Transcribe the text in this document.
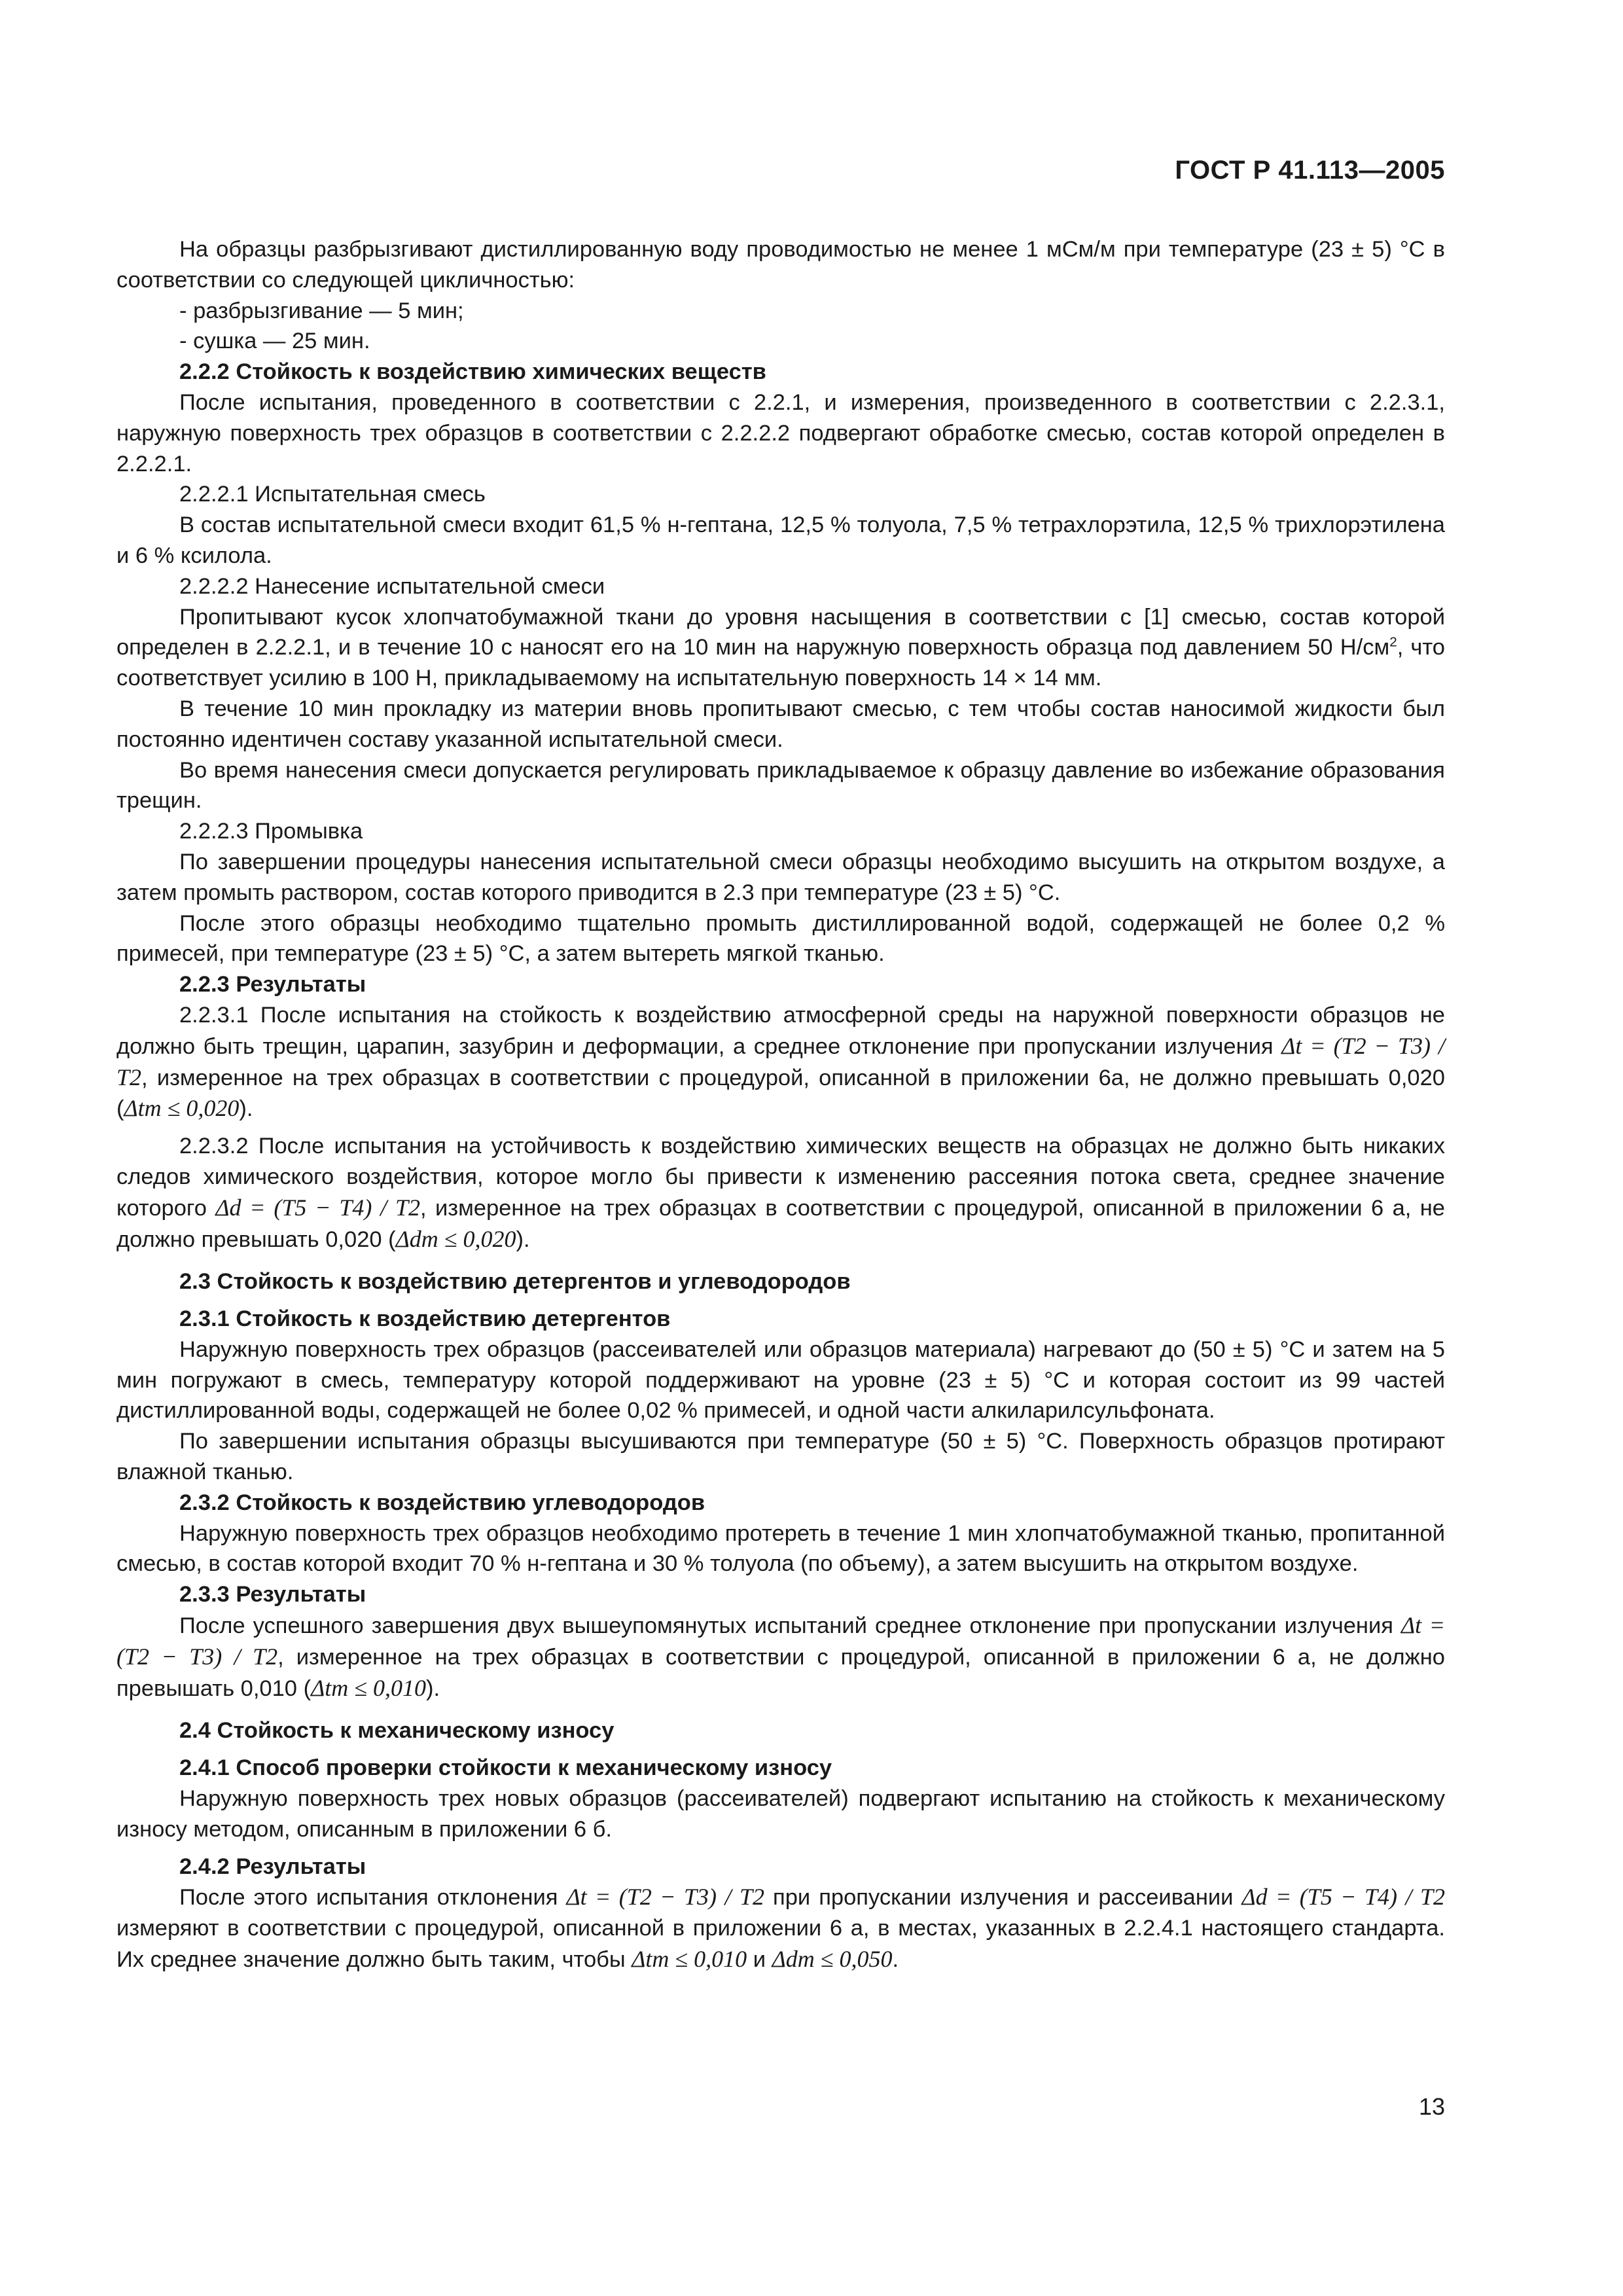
ГОСТ Р 41.113—2005

На образцы разбрызгивают дистиллированную воду проводимостью не менее 1 мСм/м при температуре (23 ± 5) °С в соответствии со следующей цикличностью:

- разбрызгивание — 5 мин;

- сушка — 25 мин.

2.2.2 Стойкость к воздействию химических веществ

После испытания, проведенного в соответствии с 2.2.1, и измерения, произведенного в соответствии с 2.2.3.1, наружную поверхность трех образцов в соответствии с 2.2.2.2 подвергают обработке смесью, состав которой определен в 2.2.2.1.

2.2.2.1 Испытательная смесь

В состав испытательной смеси входит 61,5 % н-гептана, 12,5 % толуола, 7,5 % тетрахлорэтила, 12,5 % трихлорэтилена и 6 % ксилола.

2.2.2.2 Нанесение испытательной смеси

Пропитывают кусок хлопчатобумажной ткани до уровня насыщения в соответствии с [1] смесью, состав которой определен в 2.2.2.1, и в течение 10 с наносят его на 10 мин на наружную поверхность образца под давлением 50 $Н/см^2$, что соответствует усилию в 100 Н, прикладываемому на испытательную поверхность 14 × 14 мм.

В течение 10 мин прокладку из материи вновь пропитывают смесью, с тем чтобы состав наносимой жидкости был постоянно идентичен составу указанной испытательной смеси.

Во время нанесения смеси допускается регулировать прикладываемое к образцу давление во избежание образования трещин.

2.2.2.3 Промывка

По завершении процедуры нанесения испытательной смеси образцы необходимо высушить на открытом воздухе, а затем промыть раствором, состав которого приводится в 2.3 при температуре (23 ± 5) °С.

После этого образцы необходимо тщательно промыть дистиллированной водой, содержащей не более 0,2 % примесей, при температуре (23 ± 5) °С, а затем вытереть мягкой тканью.

2.2.3 Результаты

2.2.3.1 После испытания на стойкость к воздействию атмосферной среды на наружной поверхности образцов не должно быть трещин, царапин, зазубрин и деформации, а среднее отклонение при пропускании излучения Δt = (T2 − T3) / T2, измеренное на трех образцах в соответствии с процедурой, описанной в приложении 6а, не должно превышать 0,020 (Δtm ≤ 0,020).

2.2.3.2 После испытания на устойчивость к воздействию химических веществ на образцах не должно быть никаких следов химического воздействия, которое могло бы привести к изменению рассеяния потока света, среднее значение которого Δd = (T5 − T4) / T2, измеренное на трех образцах в соответствии с процедурой, описанной в приложении 6 а, не должно превышать 0,020 (Δdm ≤ 0,020).

2.3 Стойкость к воздействию детергентов и углеводородов
2.3.1 Стойкость к воздействию детергентов

Наружную поверхность трех образцов (рассеивателей или образцов материала) нагревают до (50 ± 5) °С и затем на 5 мин погружают в смесь, температуру которой поддерживают на уровне (23 ± 5) °С и которая состоит из 99 частей дистиллированной воды, содержащей не более 0,02 % примесей, и одной части алкиларилсульфоната.

По завершении испытания образцы высушиваются при температуре (50 ± 5) °С. Поверхность образцов протирают влажной тканью.

2.3.2 Стойкость к воздействию углеводородов

Наружную поверхность трех образцов необходимо протереть в течение 1 мин хлопчатобумажной тканью, пропитанной смесью, в состав которой входит 70 % н-гептана и 30 % толуола (по объему), а затем высушить на открытом воздухе.

2.3.3 Результаты

После успешного завершения двух вышеупомянутых испытаний среднее отклонение при пропускании излучения Δt = (T2 − T3) / T2, измеренное на трех образцах в соответствии с процедурой, описанной в приложении 6 а, не должно превышать 0,010 (Δtm ≤ 0,010).

2.4 Стойкость к механическому износу
2.4.1 Способ проверки стойкости к механическому износу

Наружную поверхность трех новых образцов (рассеивателей) подвергают испытанию на стойкость к механическому износу методом, описанным в приложении 6 б.

2.4.2 Результаты

После этого испытания отклонения Δt = (T2 − T3) / T2 при пропускании излучения и рассеивании Δd = (T5 − T4) / T2 измеряют в соответствии с процедурой, описанной в приложении 6 а, в местах, указанных в 2.2.4.1 настоящего стандарта. Их среднее значение должно быть таким, чтобы Δtm ≤ 0,010 и Δdm ≤ 0,050.

13
